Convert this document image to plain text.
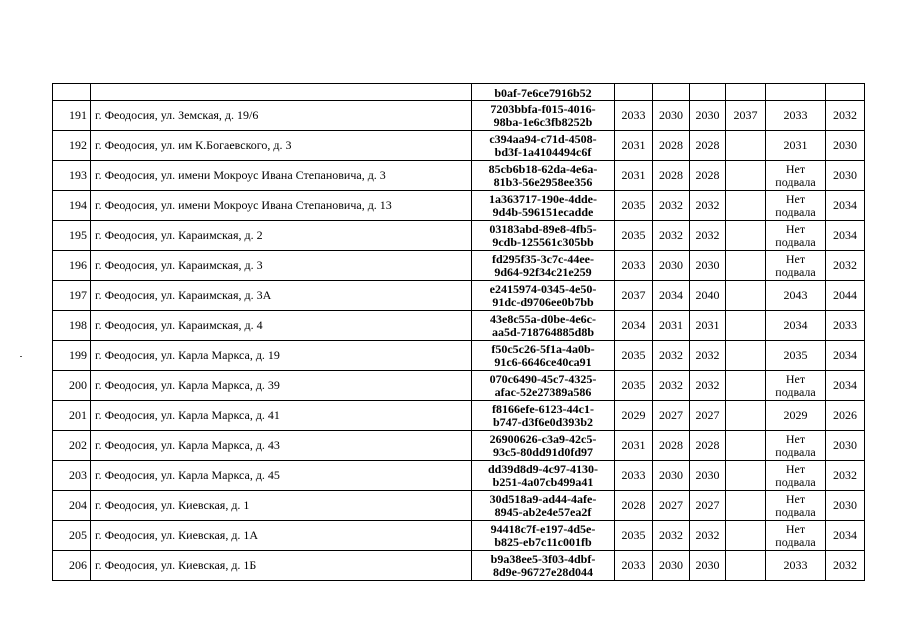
		b0af-7e6ce7916b52						
191	г. Феодосия, ул. Земская, д. 19/6	7203bbfa-f015-4016-
98ba-1e6c3fb8252b	2033	2030	2030	2037	2033	2032
192	г. Феодосия, ул. им К.Богаевского, д. 3	c394aa94-c71d-4508-
bd3f-1a4104494c6f	2031	2028	2028		2031	2030
193	г. Феодосия, ул. имени Мокроус Ивана Степановича, д. 3	85cb6b18-62da-4e6a-
81b3-56e2958ee356	2031	2028	2028		Нет
подвала	2030
194	г. Феодосия, ул. имени Мокроус Ивана Степановича, д. 13	1a363717-190e-4dde-
9d4b-596151ecadde	2035	2032	2032		Нет
подвала	2034
195	г. Феодосия, ул. Караимская, д. 2	03183abd-89e8-4fb5-
9cdb-125561c305bb	2035	2032	2032		Нет
подвала	2034
196	г. Феодосия, ул. Караимская, д. 3	fd295f35-3c7c-44ee-
9d64-92f34c21e259	2033	2030	2030		Нет
подвала	2032
197	г. Феодосия, ул. Караимская, д. 3А	e2415974-0345-4e50-
91dc-d9706ee0b7bb	2037	2034	2040		2043	2044
198	г. Феодосия, ул. Караимская, д. 4	43e8c55a-d0be-4e6c-
aa5d-718764885d8b	2034	2031	2031		2034	2033
199	г. Феодосия, ул. Карла Маркса, д. 19	f50c5c26-5f1a-4a0b-
91c6-6646ce40ca91	2035	2032	2032		2035	2034
200	г. Феодосия, ул. Карла Маркса, д. 39	070c6490-45c7-4325-
afac-52e27389a586	2035	2032	2032		Нет
подвала	2034
201	г. Феодосия, ул. Карла Маркса, д. 41	f8166efe-6123-44c1-
b747-d3f6e0d393b2	2029	2027	2027		2029	2026
202	г. Феодосия, ул. Карла Маркса, д. 43	26900626-c3a9-42c5-
93c5-80dd91d0fd97	2031	2028	2028		Нет
подвала	2030
203	г. Феодосия, ул. Карла Маркса, д. 45	dd39d8d9-4c97-4130-
b251-4a07cb499a41	2033	2030	2030		Нет
подвала	2032
204	г. Феодосия, ул. Киевская, д. 1	30d518a9-ad44-4afe-
8945-ab2e4e57ea2f	2028	2027	2027		Нет
подвала	2030
205	г. Феодосия, ул. Киевская, д. 1А	94418c7f-e197-4d5e-
b825-eb7c11c001fb	2035	2032	2032		Нет
подвала	2034
206	г. Феодосия, ул. Киевская, д. 1Б	b9a38ee5-3f03-4dbf-
8d9e-96727e28d044	2033	2030	2030		2033	2032
